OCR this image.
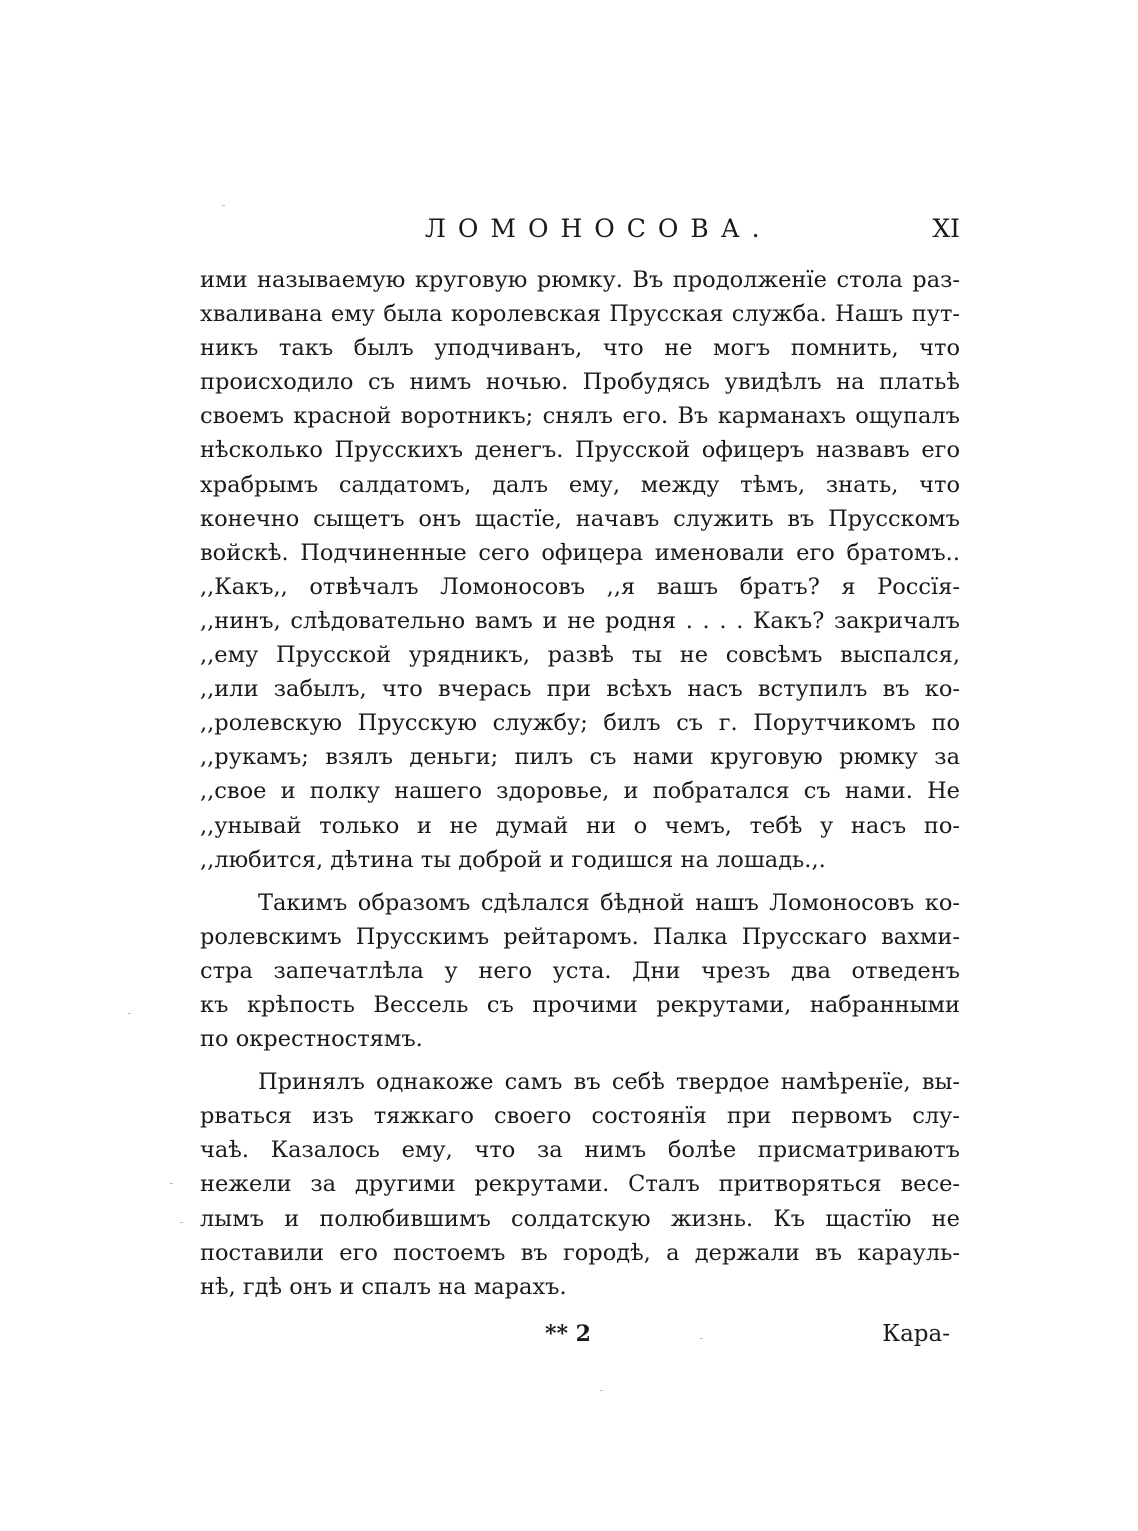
ЛОМОНОСОВА.	XI
ими называемую круговую рюмку. Въ продолженїе стола раз-
хваливана ему была королевская Прусская служба. Нашъ пут-
никъ такъ былъ уподчиванъ, что не могъ помнить, что
происходило съ нимъ ночью. Пробудясь увидѣлъ на платьѣ
своемъ красной воротникъ; снялъ его. Въ карманахъ ощупалъ
нѣсколько Прусскихъ денегъ. Прусской офицеръ назвавъ его
храбрымъ салдатомъ, далъ ему, между тѣмъ, знать, что
конечно сыщетъ онъ щастїе, начавъ служить въ Прусскомъ
войскѣ. Подчиненные сего офицера именовали его братомъ..
,,Какъ,, отвѣчалъ Ломоносовъ ,,я вашъ братъ? я Россїя-
,,нинъ, слѣдовательно вамъ и не родня . . . . Какъ? закричалъ
,,ему Прусской урядникъ, развѣ ты не совсѣмъ выспался,
,,или забылъ, что вчерась при всѣхъ насъ вступилъ въ ко-
,,ролевскую Прусскую службу; билъ съ г. Порутчикомъ по
,,рукамъ; взялъ деньги; пилъ съ нами круговую рюмку за
,,свое и полку нашего здоровье, и побратался съ нами. Не
,,унывай только и не думай ни о чемъ, тебѣ у насъ по-
,,любится, дѣтина ты доброй и годишся на лошадь.,.
Такимъ образомъ сдѣлался бѣдной нашъ Ломоносовъ ко-
ролевскимъ Прусскимъ рейтаромъ. Палка Прусскаго вахми-
стра запечатлѣла у него уста. Дни чрезъ два отведенъ
къ крѣпость Вессель съ прочими рекрутами, набранными
по окрестностямъ.
Принялъ однакоже самъ въ себѣ твердое намѣренїе, вы-
рваться изъ тяжкаго своего состоянїя при первомъ слу-
чаѣ. Казалось ему, что за нимъ болѣе присматриваютъ
нежели за другими рекрутами. Сталъ притворяться весе-
лымъ и полюбившимъ солдатскую жизнь. Къ щастїю не
поставили его постоемъ въ городѣ, а держали въ карауль-
нѣ, гдѣ онъ и спалъ на марахъ.
** 2	Кара-
